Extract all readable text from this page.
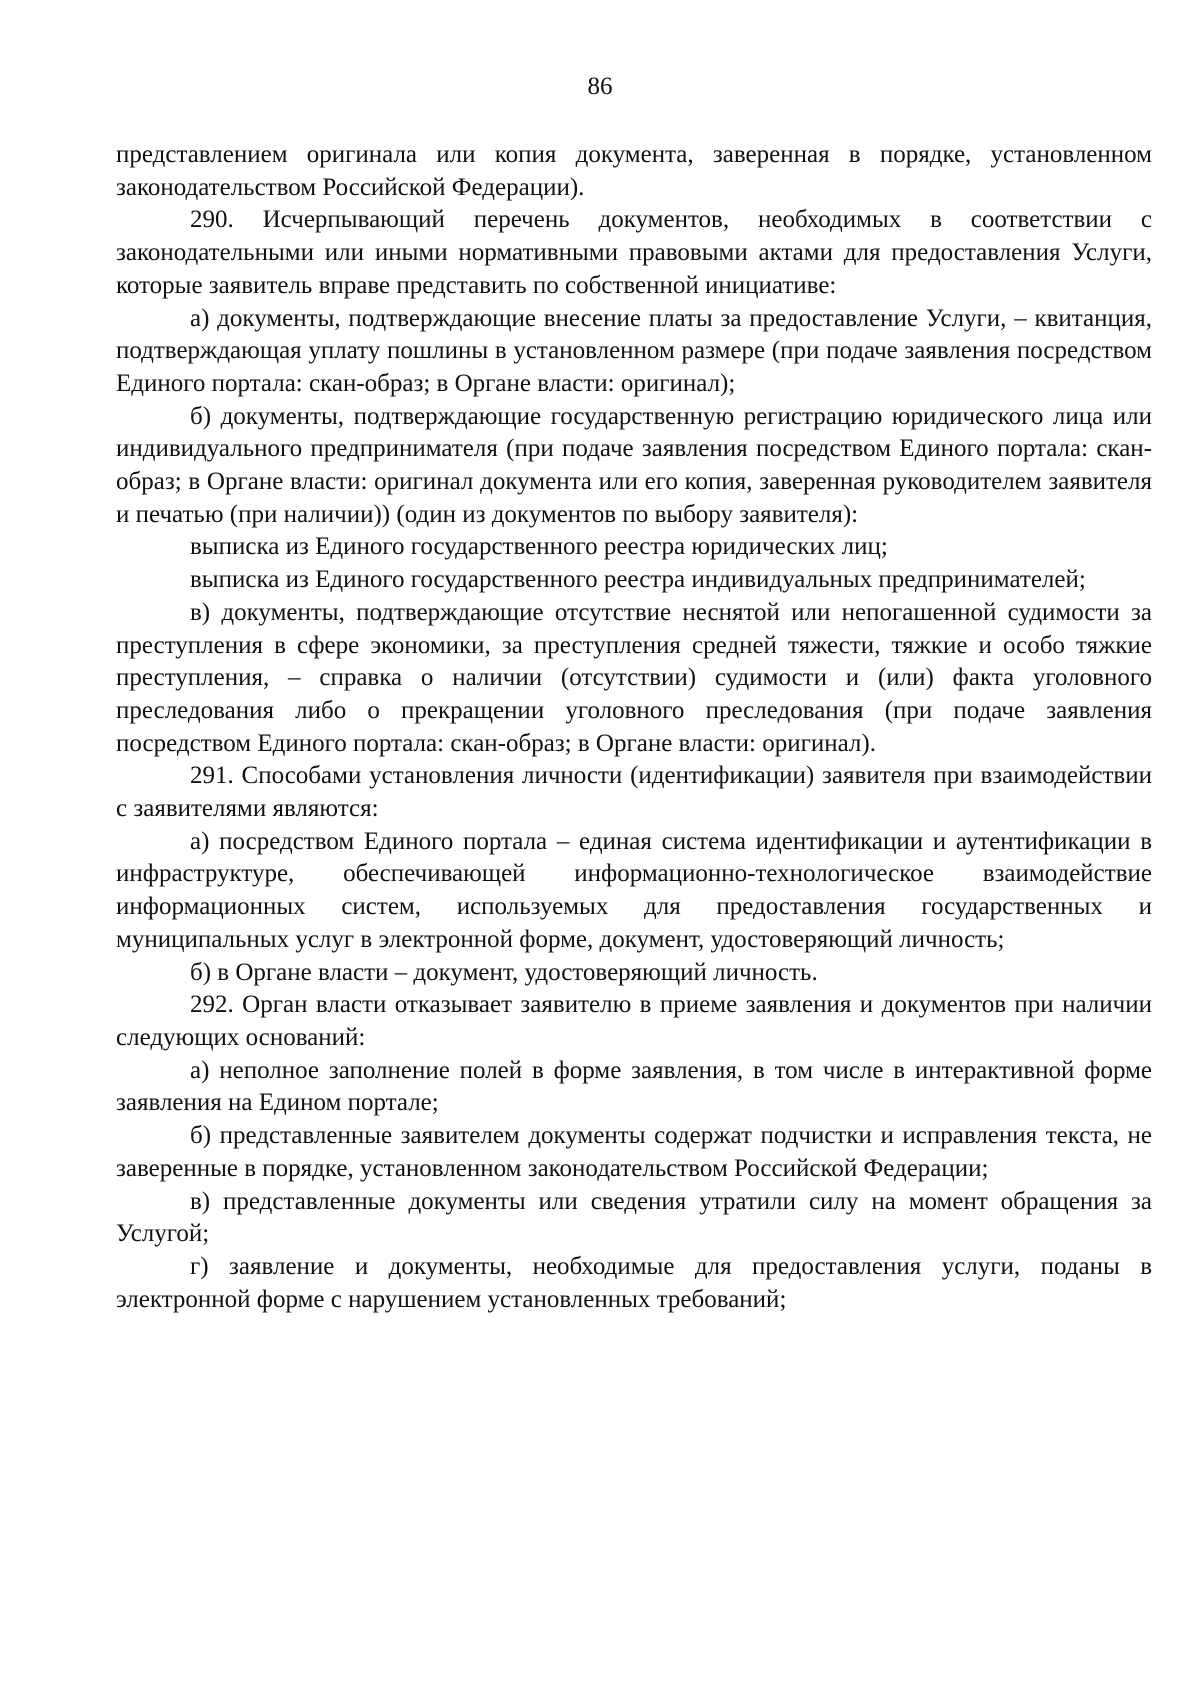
86

представлением оригинала или копия документа, заверенная в порядке, установленном законодательством Российской Федерации).

290. Исчерпывающий перечень документов, необходимых в соответствии с законодательными или иными нормативными правовыми актами для предоставления Услуги, которые заявитель вправе представить по собственной инициативе:

а) документы, подтверждающие внесение платы за предоставление Услуги, – квитанция, подтверждающая уплату пошлины в установленном размере (при подаче заявления посредством Единого портала: скан-образ; в Органе власти: оригинал);

б) документы, подтверждающие государственную регистрацию юридического лица или индивидуального предпринимателя (при подаче заявления посредством Единого портала: скан-образ; в Органе власти: оригинал документа или его копия, заверенная руководителем заявителя и печатью (при наличии)) (один из документов по выбору заявителя):

выписка из Единого государственного реестра юридических лиц;

выписка из Единого государственного реестра индивидуальных предпринимателей;

в) документы, подтверждающие отсутствие неснятой или непогашенной судимости за преступления в сфере экономики, за преступления средней тяжести, тяжкие и особо тяжкие преступления, – справка о наличии (отсутствии) судимости и (или) факта уголовного преследования либо о прекращении уголовного преследования (при подаче заявления посредством Единого портала: скан-образ; в Органе власти: оригинал).

291. Способами установления личности (идентификации) заявителя при взаимодействии с заявителями являются:

а) посредством Единого портала – единая система идентификации и аутентификации в инфраструктуре, обеспечивающей информационно-технологическое взаимодействие информационных систем, используемых для предоставления государственных и муниципальных услуг в электронной форме, документ, удостоверяющий личность;

б) в Органе власти – документ, удостоверяющий личность.

292. Орган власти отказывает заявителю в приеме заявления и документов при наличии следующих оснований:

а) неполное заполнение полей в форме заявления, в том числе в интерактивной форме заявления на Едином портале;

б) представленные заявителем документы содержат подчистки и исправления текста, не заверенные в порядке, установленном законодательством Российской Федерации;

в) представленные документы или сведения утратили силу на момент обращения за Услугой;

г) заявление и документы, необходимые для предоставления услуги, поданы в электронной форме с нарушением установленных требований;
